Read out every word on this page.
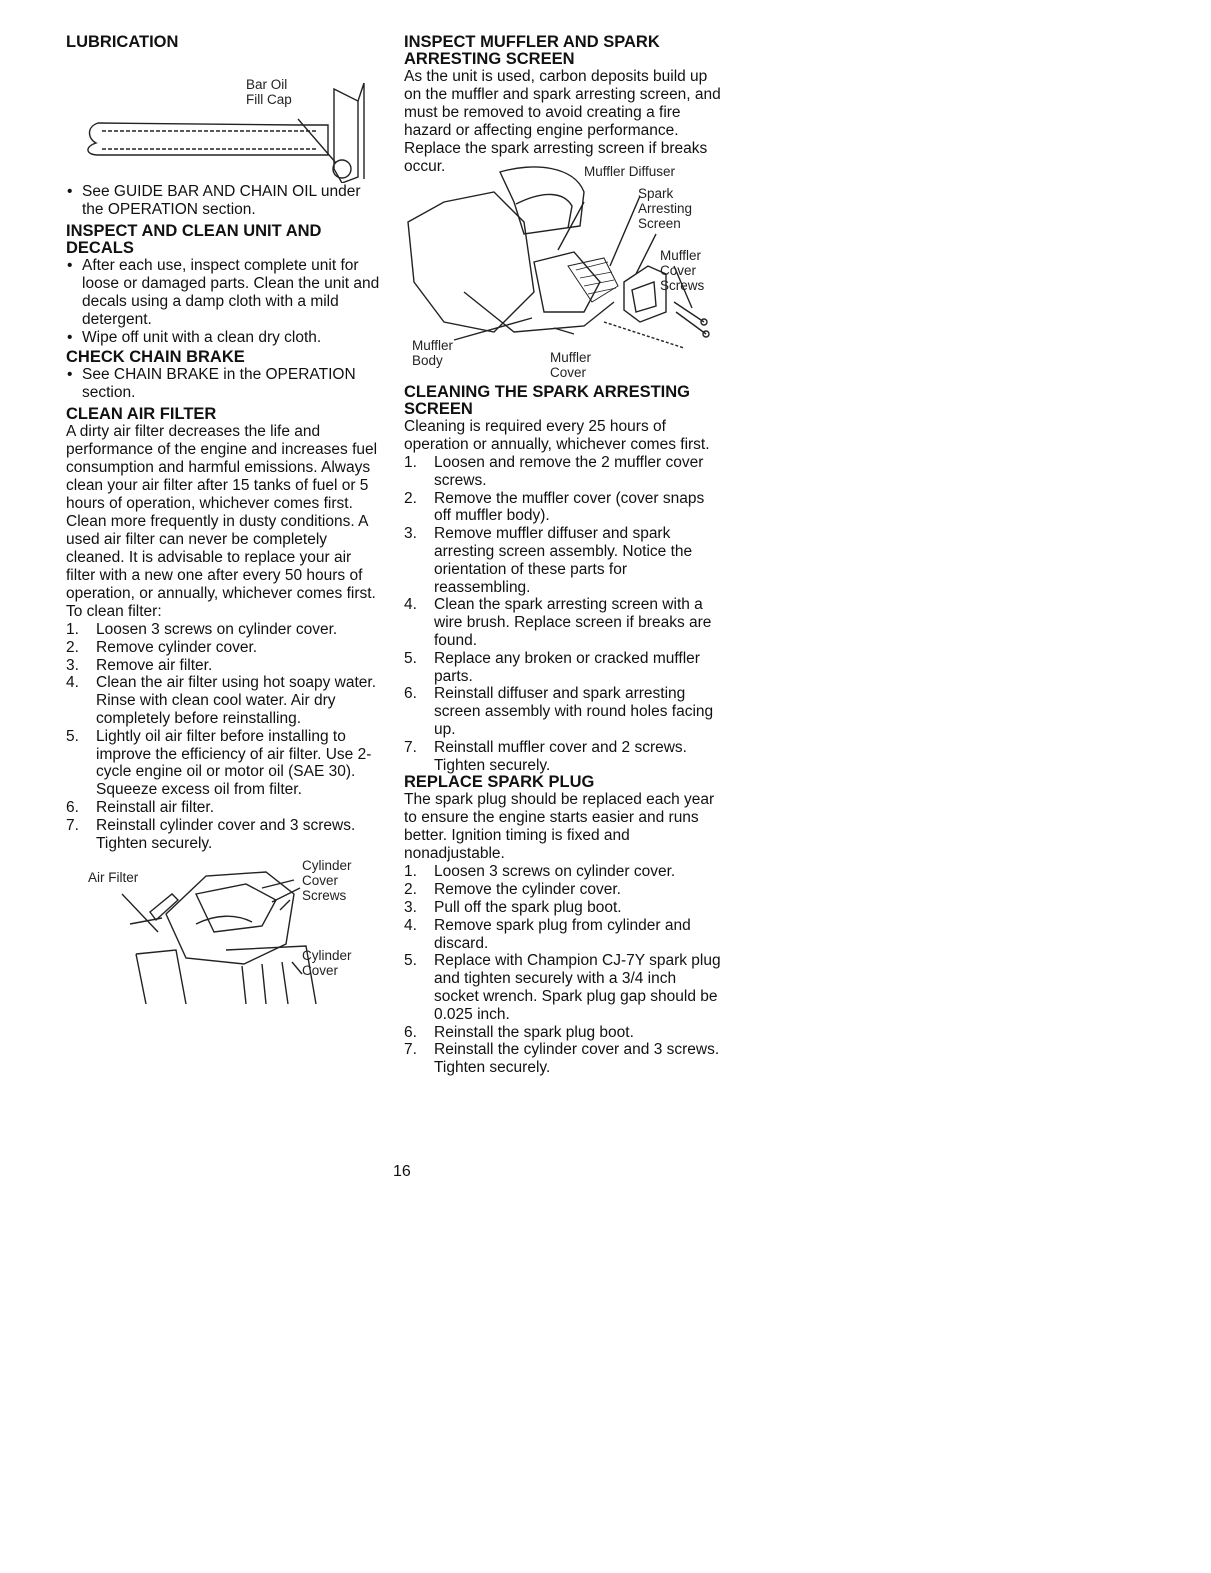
LUBRICATION
Bar Oil
Fill Cap
• See GUIDE BAR AND CHAIN OIL under the OPERATION section.
INSPECT AND CLEAN UNIT AND DECALS
• After each use, inspect complete unit for loose or damaged parts. Clean the unit and decals using a damp cloth with a mild detergent.
• Wipe off unit with a clean dry cloth.
CHECK CHAIN BRAKE
• See CHAIN BRAKE in the OPERATION section.
CLEAN AIR FILTER

A dirty air filter decreases the life and performance of the engine and increases fuel consumption and harmful emissions. Always clean your air filter after 15 tanks of fuel or 5 hours of operation, whichever comes first. Clean more frequently in dusty conditions. A used air filter can never be completely cleaned. It is advisable to replace your air filter with a new one after every 50 hours of operation, or annually, whichever comes first. To clean filter:

1. Loosen 3 screws on cylinder cover.
2. Remove cylinder cover.
3. Remove air filter.
4. Clean the air filter using hot soapy water. Rinse with clean cool water. Air dry completely before reinstalling.
5. Lightly oil air filter before installing to improve the efficiency of air filter. Use 2-cycle engine oil or motor oil (SAE 30). Squeeze excess oil from filter.
6. Reinstall air filter.
7. Reinstall cylinder cover and 3 screws. Tighten securely.
Air Filter
Cylinder
Cover
Screws
Cylinder
Cover
INSPECT MUFFLER AND SPARK ARRESTING SCREEN

As the unit is used, carbon deposits build up on the muffler and spark arresting screen, and must be removed to avoid creating a fire hazard or affecting engine performance.

Replace the spark arresting screen if breaks occur.	Muffler Diffuser
Spark
Arresting
Screen
Muffler
Cover
Screws
Muffler
Body	Muffler
Cover
CLEANING THE SPARK ARRESTING SCREEN

Cleaning is required every 25 hours of operation or annually, whichever comes first.

1. Loosen and remove the 2 muffler cover screws.
2. Remove the muffler cover (cover snaps off muffler body).
3. Remove muffler diffuser and spark arresting screen assembly. Notice the orientation of these parts for reassembling.
4. Clean the spark arresting screen with a wire brush. Replace screen if breaks are found.
5. Replace any broken or cracked muffler parts.
6. Reinstall diffuser and spark arresting screen assembly with round holes facing up.
7. Reinstall muffler cover and 2 screws. Tighten securely.
REPLACE SPARK PLUG

The spark plug should be replaced each year to ensure the engine starts easier and runs better. Ignition timing is fixed and nonadjustable.

1. Loosen 3 screws on cylinder cover.
2. Remove the cylinder cover.
3. Pull off the spark plug boot.
4. Remove spark plug from cylinder and discard.
5. Replace with Champion CJ-7Y spark plug and tighten securely with a 3/4 inch socket wrench. Spark plug gap should be 0.025 inch.
6. Reinstall the spark plug boot.
7. Reinstall the cylinder cover and 3 screws. Tighten securely.
16
